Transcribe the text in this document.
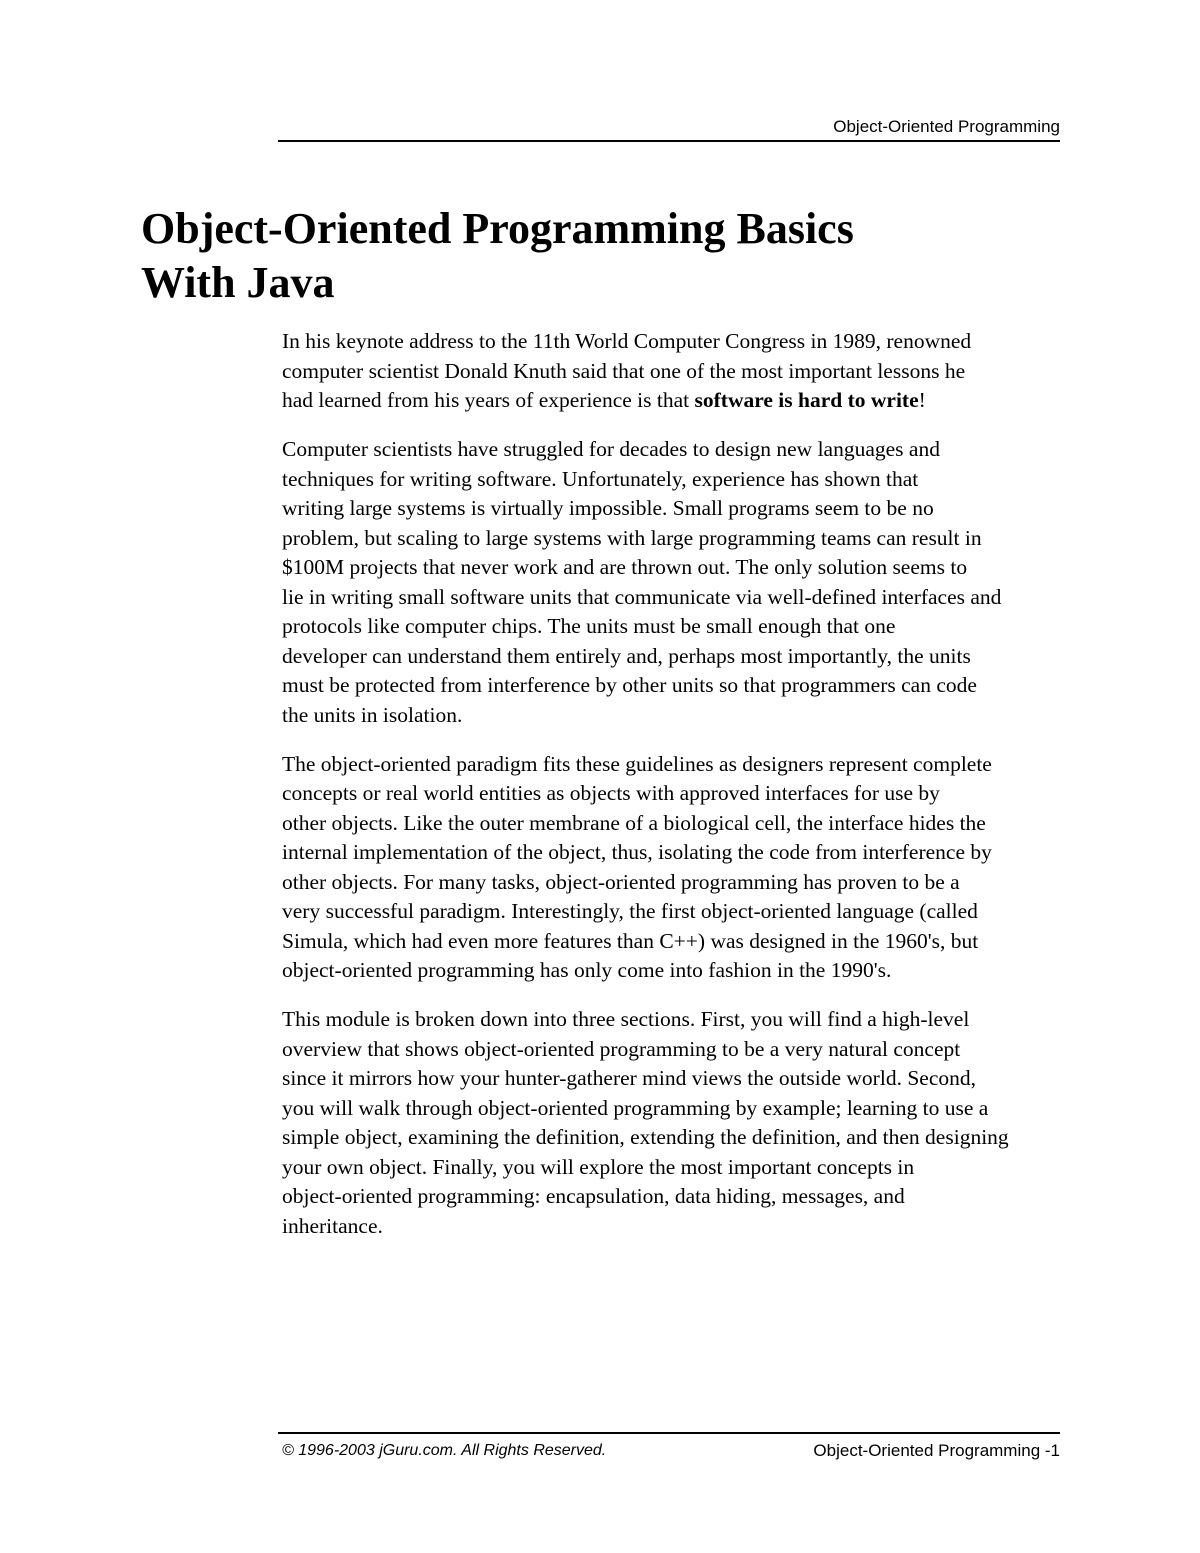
Object-Oriented Programming
Object-Oriented Programming Basics
With Java

In his keynote address to the 11th World Computer Congress in 1989, renowned
computer scientist Donald Knuth said that one of the most important lessons he
had learned from his years of experience is that software is hard to write!

Computer scientists have struggled for decades to design new languages and
techniques for writing software. Unfortunately, experience has shown that
writing large systems is virtually impossible. Small programs seem to be no
problem, but scaling to large systems with large programming teams can result in
$100M projects that never work and are thrown out. The only solution seems to
lie in writing small software units that communicate via well-defined interfaces and
protocols like computer chips. The units must be small enough that one
developer can understand them entirely and, perhaps most importantly, the units
must be protected from interference by other units so that programmers can code
the units in isolation.

The object-oriented paradigm fits these guidelines as designers represent complete
concepts or real world entities as objects with approved interfaces for use by
other objects. Like the outer membrane of a biological cell, the interface hides the
internal implementation of the object, thus, isolating the code from interference by
other objects. For many tasks, object-oriented programming has proven to be a
very successful paradigm. Interestingly, the first object-oriented language (called
Simula, which had even more features than C++) was designed in the 1960's, but
object-oriented programming has only come into fashion in the 1990's.

This module is broken down into three sections. First, you will find a high-level
overview that shows object-oriented programming to be a very natural concept
since it mirrors how your hunter-gatherer mind views the outside world. Second,
you will walk through object-oriented programming by example; learning to use a
simple object, examining the definition, extending the definition, and then designing
your own object. Finally, you will explore the most important concepts in
object-oriented programming: encapsulation, data hiding, messages, and
inheritance.

© 1996-2003 jGuru.com. All Rights Reserved.	Object-Oriented Programming -1
